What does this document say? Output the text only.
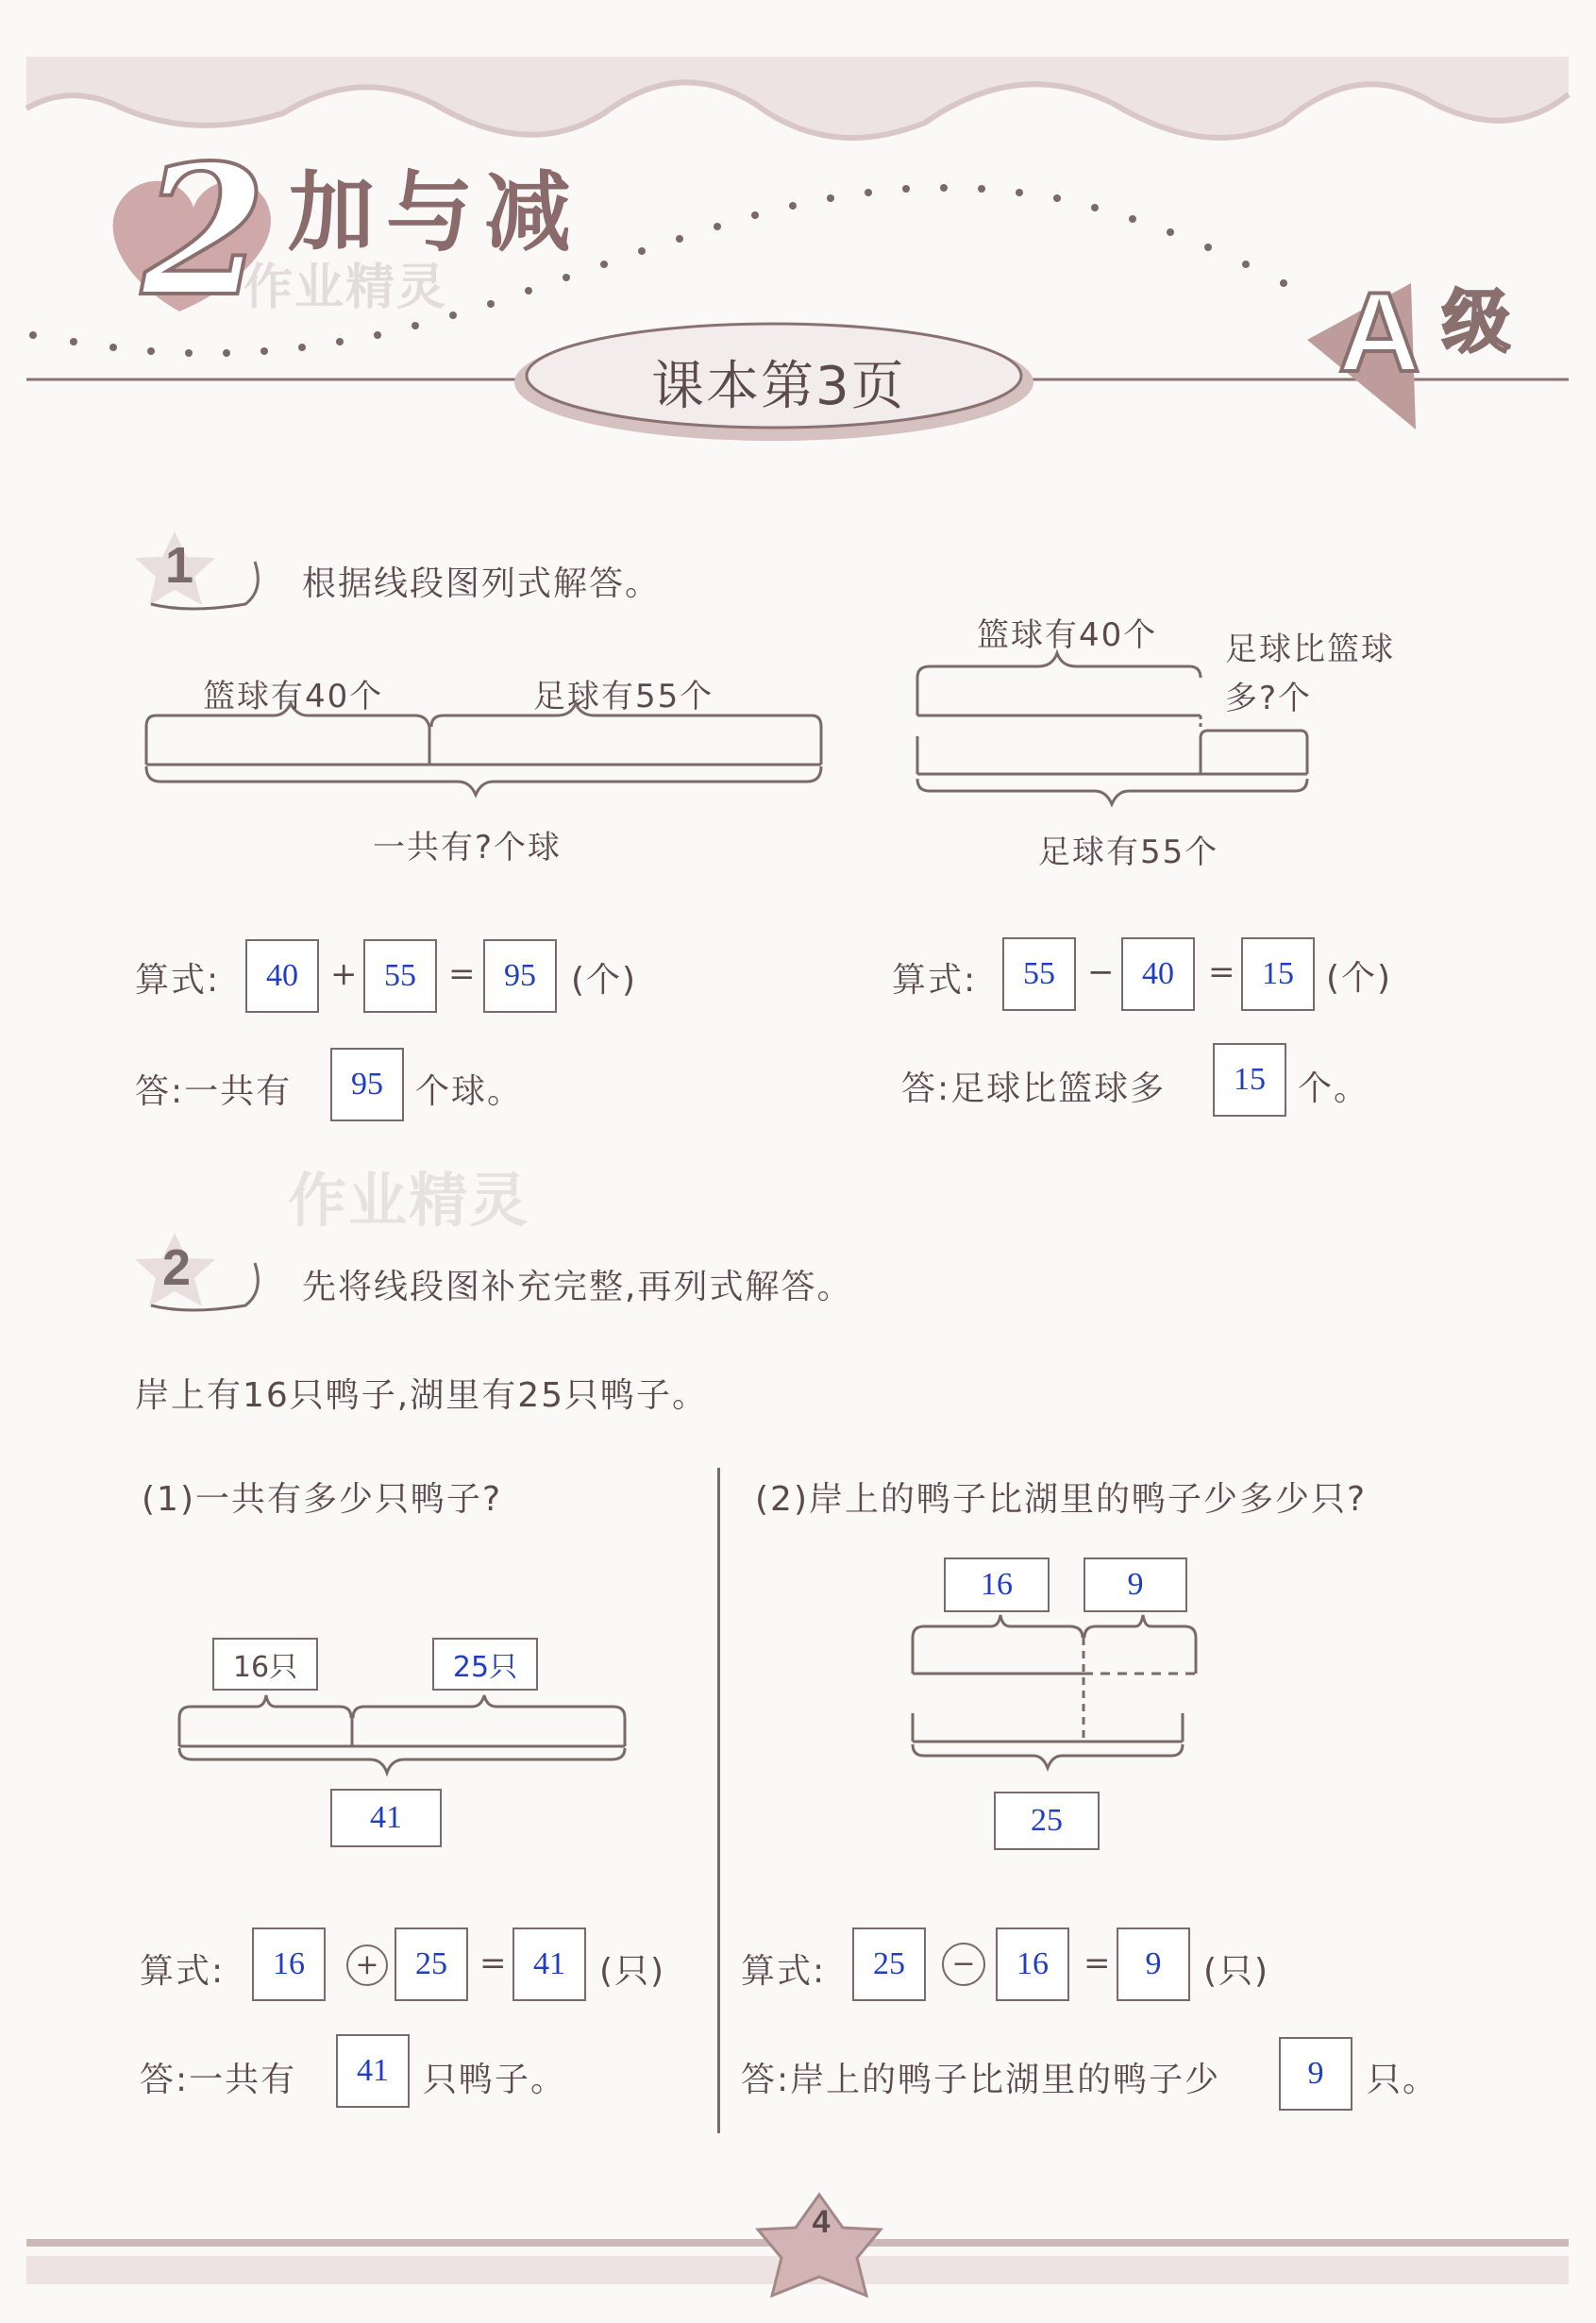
2 加与减
作业精灵
课本第3页	A 级
1	根据线段图列式解答。
篮球有40个	足球有55个
一共有?个球
篮球有40个 足球比篮球
多?个
足球有55个
算式:	40	+ 55	= 95	(个)
答:一共有	95 个球。
算式:	55	− 40	= 15 (个)
答:足球比篮球多	15 个。
作业精灵
2	先将线段图补充完整,再列式解答。
岸上有16只鸭子,湖里有25只鸭子。
(1)一共有多少只鸭子?
16只	25只
41
算式:	16	+	25	= 41	(只)
答:一共有	41	只鸭子。
(2)岸上的鸭子比湖里的鸭子少多少只?
16	9
25
算式:	25	−	16	=	9	(只)
答:岸上的鸭子比湖里的鸭子少	9	只。
4
